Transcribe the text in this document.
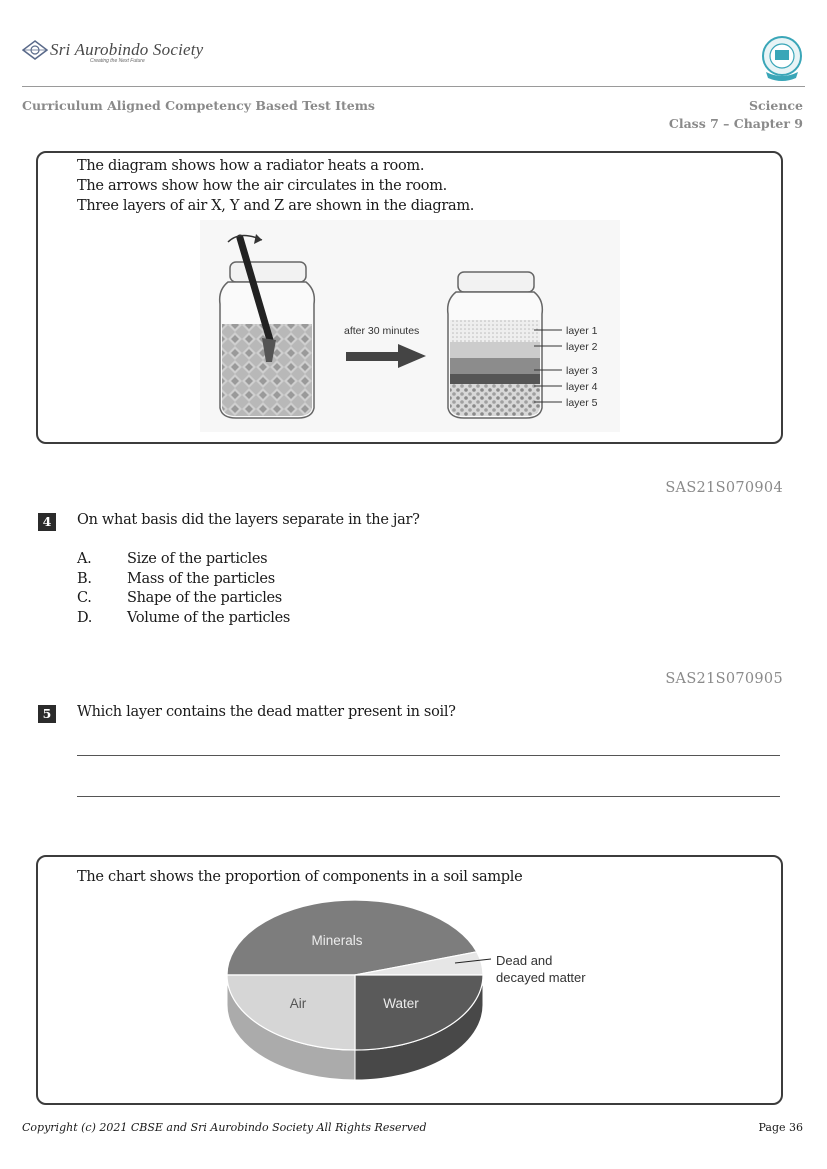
Sri Aurobindo Society
Creating the Next Future
Curriculum Aligned Competency Based Test Items	Science
Class 7 – Chapter 9
The diagram shows how a radiator heats a room.
The arrows show how the air circulates in the room.
Three layers of air X, Y and Z are shown in the diagram.
after 30 minutes	layer 1
layer 2
layer 3
layer 4
layer 5
SAS21S070904
4	On what basis did the layers separate in the jar?
A. Size of the particles
B. Mass of the particles
C. Shape of the particles
D. Volume of the particles
SAS21S070905
5	Which layer contains the dead matter present in soil?
The chart shows the proportion of components in a soil sample
Minerals
Water
Air
Dead and
decayed matter
Copyright (c) 2021 CBSE and Sri Aurobindo Society All Rights Reserved	Page 36
